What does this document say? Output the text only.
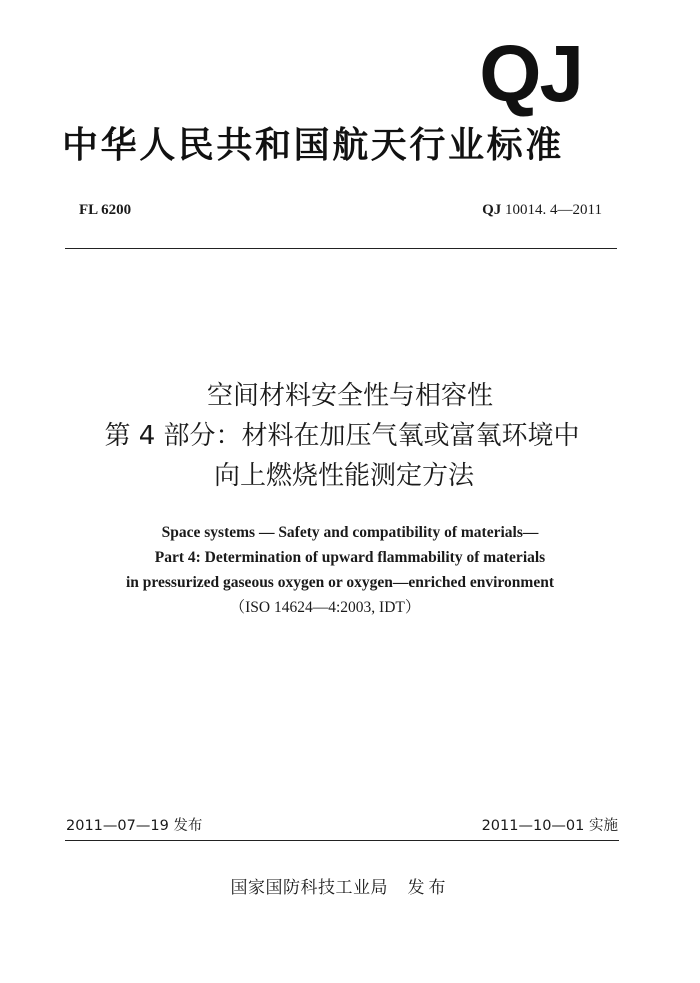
QJ
中华人民共和国航天行业标准
FL 6200	QJ 10014. 4—2011
空间材料安全性与相容性
第 4 部分：材料在加压气氧或富氧环境中
向上燃烧性能测定方法
Space systems — Safety and compatibility of materials—
Part 4: Determination of upward flammability of materials
in pressurized gaseous oxygen or oxygen—enriched environment
（ISO 14624—4:2003, IDT）
2011—07—19 发布	2011—10—01 实施
国家国防科技工业局 发布
